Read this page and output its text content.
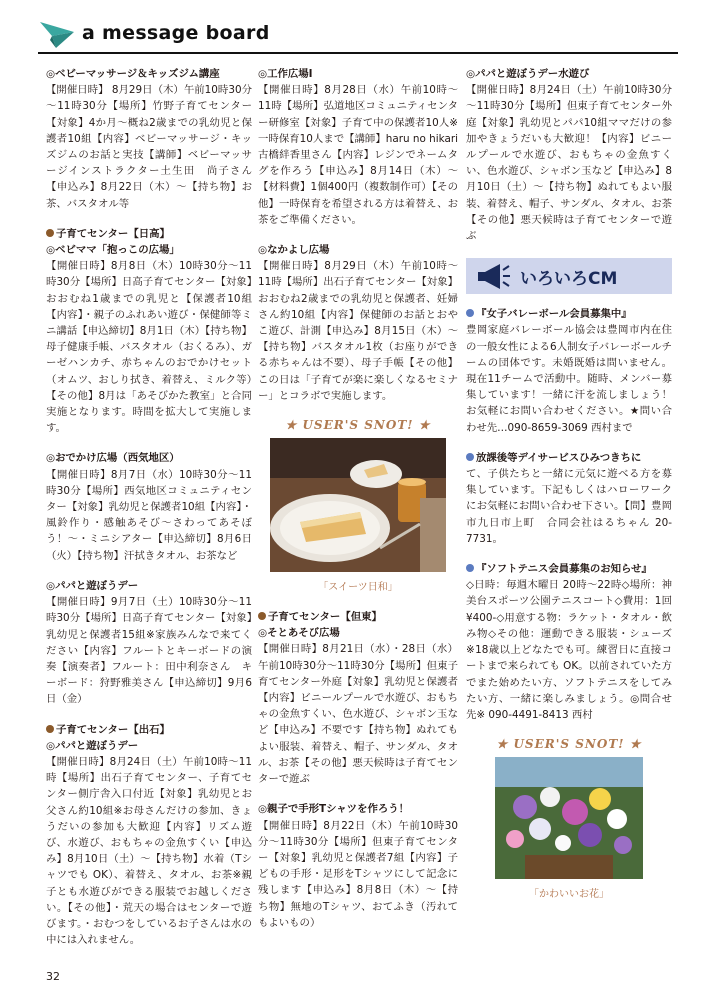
a message board
◎ベビーマッサージ＆キッズジム講座

【開催日時】 8月29日（木）午前10時30分～11時30分【場所】竹野子育てセンター【対象】4か月～概ね2歳までの乳幼児と保護者10組【内容】ベビーマッサージ・キッズジムのお話と実技【講師】ベビーマッサージインストラクター土生田　尚子さん【申込み】8月22日（木）～【持ち物】お茶、バスタオル等

子育てセンター【日高】
◎ベビママ「抱っこの広場」

【開催日時】8月8日（木）10時30分～11時30分【場所】日高子育てセンター【対象】おおむね1歳までの乳児と【保護者10組【内容】・親子のふれあい遊び・保健師等ミニ講話【申込締切】8月1日（木）【持ち物】母子健康手帳、バスタオル（おくるみ）、ガーゼハンカチ、赤ちゃんのおでかけセット（オムツ、おしり拭き、着替え、ミルク等）【その他】8月は「あそびかた教室」と合同実施となります。時間を拡大して実施します。

◎おでかけ広場（西気地区）

【開催日時】8月7日（水）10時30分～11時30分【場所】西気地区コミュニティセンター【対象】乳幼児と保護者10組【内容】・風鈴作り・感触あそび～さわってあそぼう！～・ミニシアター【申込締切】8月6日（火）【持ち物】汗拭きタオル、お茶など

◎パパと遊ぼうデー

【開催日時】9月7日（土）10時30分～11時30分【場所】日高子育てセンター【対象】乳幼児と保護者15組※家族みんなで来てください【内容】フルートとキーボードの演奏【演奏者】フルート：田中利奈さん　キーボード：狩野雅美さん【申込締切】9月6日（金）

子育てセンター【出石】
◎パパと遊ぼうデー

【開催日時】8月24日（土）午前10時～11時【場所】出石子育てセンター、子育てセンター側庁舎入口付近【対象】乳幼児とお父さん約10組※お母さんだけの参加、きょうだいの参加も大歓迎【内容】リズム遊び、水遊び、おもちゃの金魚すくい【申込み】8月10日（土）～【持ち物】水着（Tシャツでも OK）、着替え、タオル、お茶※親子とも水遊びができる服装でお越しください。【その他】・荒天の場合はセンターで遊びます。・おむつをしているお子さんは水の中には入れません。

◎工作広場Ⅰ

【開催日時】8月28日（水）午前10時～11時【場所】弘道地区コミュニティセンター研修室【対象】子育て中の保護者10人※一時保育10人まで【講師】haru no hikari 古橋絆香里さん【内容】レジンでネームタグを作ろう【申込み】8月14日（木）～【材料費】1個400円（複数制作可）【その他】一時保育を希望される方は着替え、お茶をご準備ください。

◎なかよし広場

【開催日時】8月29日（木）午前10時～11時【場所】出石子育てセンター【対象】おおむね2歳までの乳幼児と保護者、妊婦さん約10組【内容】保健師のお話とおやこ遊び、計測【申込み】8月15日（木）～【持ち物】バスタオル1枚（お座りができる赤ちゃんは不要）、母子手帳【その他】この日は「子育てが楽に楽しくなるセミナー」とコラボで実施します。

★ USER'S SNOT! ★
「スイーツ日和」
子育てセンター【但東】
◎そとあそび広場

【開催日時】8月21日（水）・28日（水）午前10時30分～11時30分【場所】但東子育てセンター外庭【対象】乳幼児と保護者【内容】ビニールプールで水遊び、おもちゃの金魚すくい、色水遊び、シャボン玉など【申込み】不要です【持ち物】ぬれてもよい服装、着替え、帽子、サンダル、タオル、お茶【その他】悪天候時は子育てセンターで遊ぶ

◎親子で手形Tシャツを作ろう！

【開催日時】8月22日（木）午前10時30分～11時30分【場所】但東子育てセンター【対象】乳幼児と保護者7組【内容】子どもの手形・足形をTシャツにして記念に残します【申込み】8月8日（木）～【持ち物】無地のTシャツ、おてふき（汚れてもよいもの）

◎パパと遊ぼうデー水遊び

【開催日時】8月24日（土）午前10時30分～11時30分【場所】但東子育てセンター外庭【対象】乳幼児とパパ10組ママだけの参加やきょうだいも大歓迎！【内容】ビニールプールで水遊び、おもちゃの金魚すくい、色水遊び、シャボン玉など【申込み】8月10日（土）～【持ち物】ぬれてもよい服装、着替え、帽子、サンダル、タオル、お茶【その他】悪天候時は子育てセンターで遊ぶ

いろいろCM
『女子バレーボール会員募集中』

豊岡家庭バレーボール協会は豊岡市内在住の一般女性による6人制女子バレーボールチームの団体です。未婚既婚は問いません。現在11チームで活動中。随時、メンバー募集しています！一緒に汗を流しましょう！お気軽にお問い合わせください。★問い合わせ先…090-8659-3069 西村まで

放課後等デイサービスひみつきちに

て、子供たちと一緒に元気に遊べる方を募集しています。下記もしくはハローワークにお気軽にお問い合わせ下さい。【問】豊岡市九日市上町　合同会社はるちゃん 20-7731。

『ソフトテニス会員募集のお知らせ』

◇日時：毎週木曜日 20時～22時◇場所：神美台スポーツ公園テニスコート◇費用：1回¥400-◇用意する物：ラケット・タオル・飲み物◇その他：運動できる服装・シューズ※18歳以上どなたでも可。練習日に直接コートまで来られても OK。以前されていた方でまた始めたい方、ソフトテニスをしてみたい方、一緒に楽しみましょう。◎問合せ先※ 090-4491-8413 西村

★ USER'S SNOT! ★
「かわいいお花」
32
